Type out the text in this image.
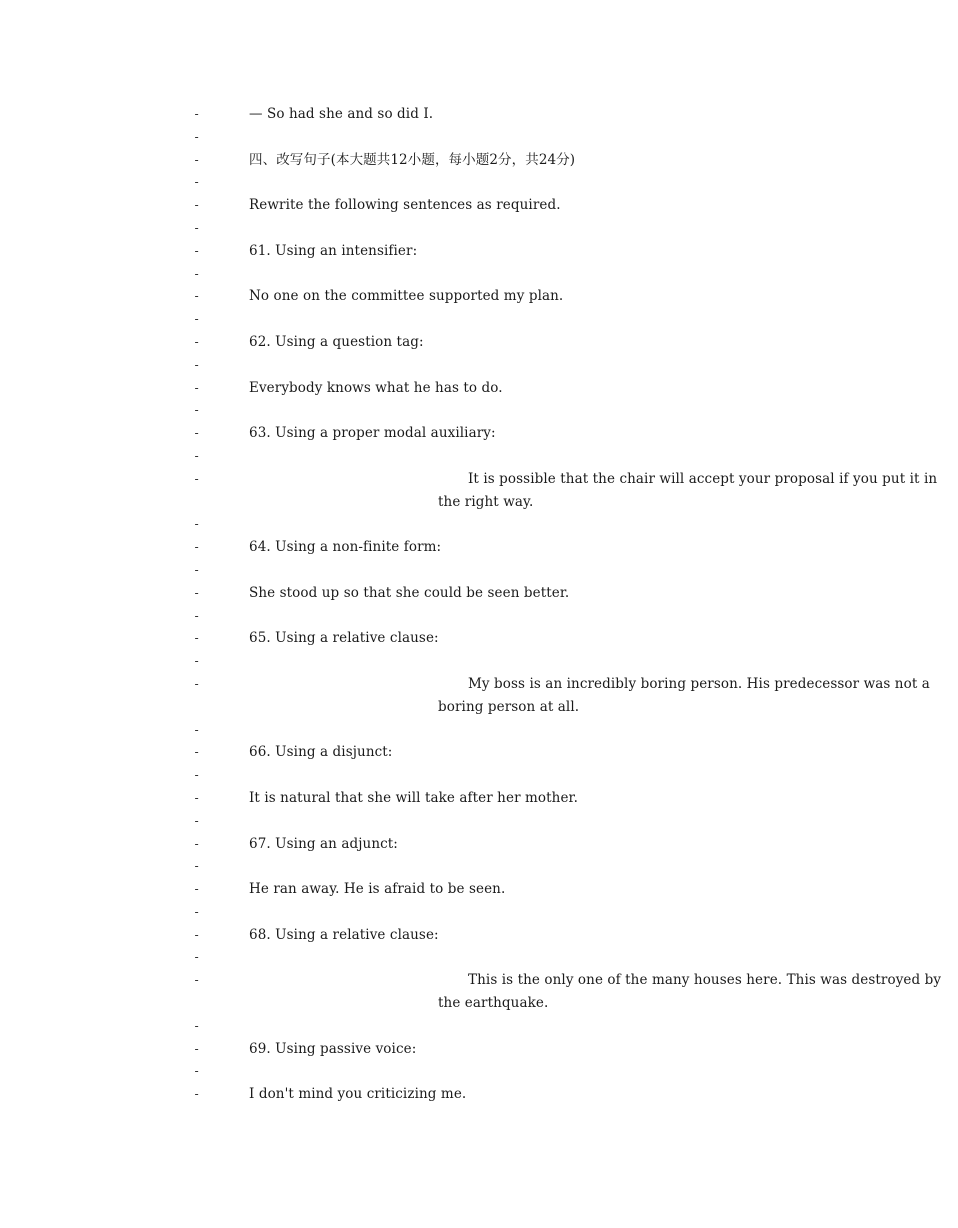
-	— So had she and so did I.
-
-	四、改写句子(本大题共12小题，每小题2分，共24分)
-
-	Rewrite the following sentences as required.
-
-	61. Using an intensifier:
-
-	No one on the committee supported my plan.
-
-	62. Using a question tag:
-
-	Everybody knows what he has to do.
-
-	63. Using a proper modal auxiliary:
-
-	It is possible that the chair will accept your proposal if you put it in the right way.
-
-	64. Using a non-finite form:
-
-	She stood up so that she could be seen better.
-
-	65. Using a relative clause:
-
-	My boss is an incredibly boring person. His predecessor was not a boring person at all.
-
-	66. Using a disjunct:
-
-	It is natural that she will take after her mother.
-
-	67. Using an adjunct:
-
-	He ran away. He is afraid to be seen.
-
-	68. Using a relative clause:
-
-	This is the only one of the many houses here. This was destroyed by the earthquake.
-
-	69. Using passive voice:
-
-	I don't mind you criticizing me.
